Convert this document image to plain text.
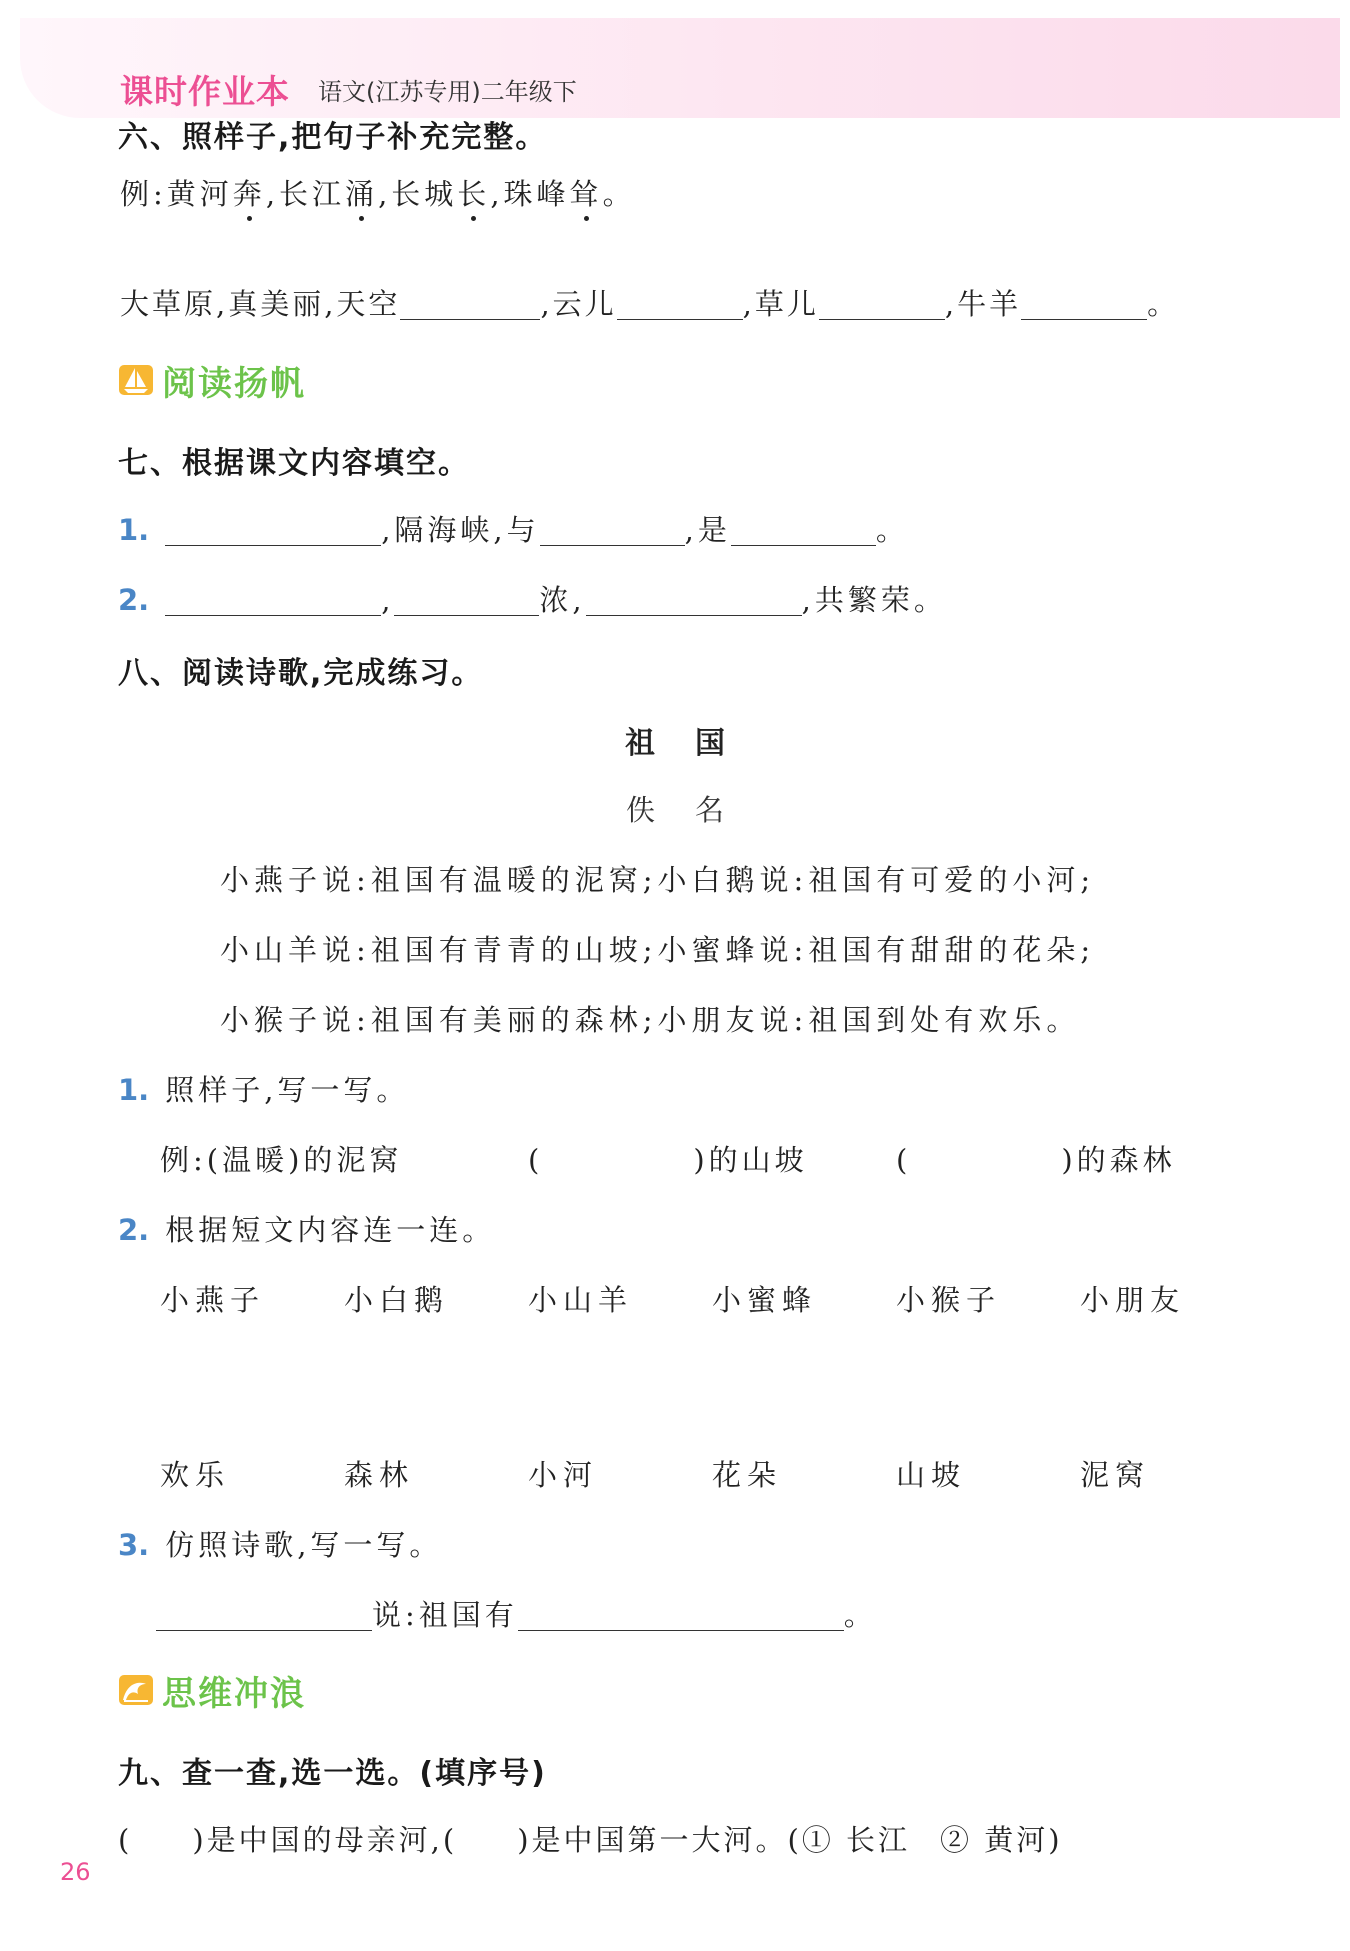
课时作业本 语文(江苏专用)二年级下
六、照样子,把句子补充完整。
例:黄河奔,长江涌,长城长,珠峰耸。
大草原,真美丽,天空	,云儿	,草儿	,牛羊	。
阅读扬帆
七、根据课文内容填空。
1.	,隔海峡,与	,是	。
2.	,	浓,	,共繁荣。
八、阅读诗歌,完成练习。
祖国
佚名
小燕子说:祖国有温暖的泥窝;小白鹅说:祖国有可爱的小河;
小山羊说:祖国有青青的山坡;小蜜蜂说:祖国有甜甜的花朵;
小猴子说:祖国有美丽的森林;小朋友说:祖国到处有欢乐。
1. 照样子,写一写。
例:(温暖)的泥窝	(	)的山坡	(	)的森林
2. 根据短文内容连一连。
小燕子	小白鹅	小山羊	小蜜蜂	小猴子	小朋友
欢乐	森林	小河	花朵	山坡	泥窝
3. 仿照诗歌,写一写。
说:祖国有	。
思维冲浪
九、查一查,选一选。(填序号)
( )是中国的母亲河,( )是中国第一大河。(① 长江 ② 黄河)
26
